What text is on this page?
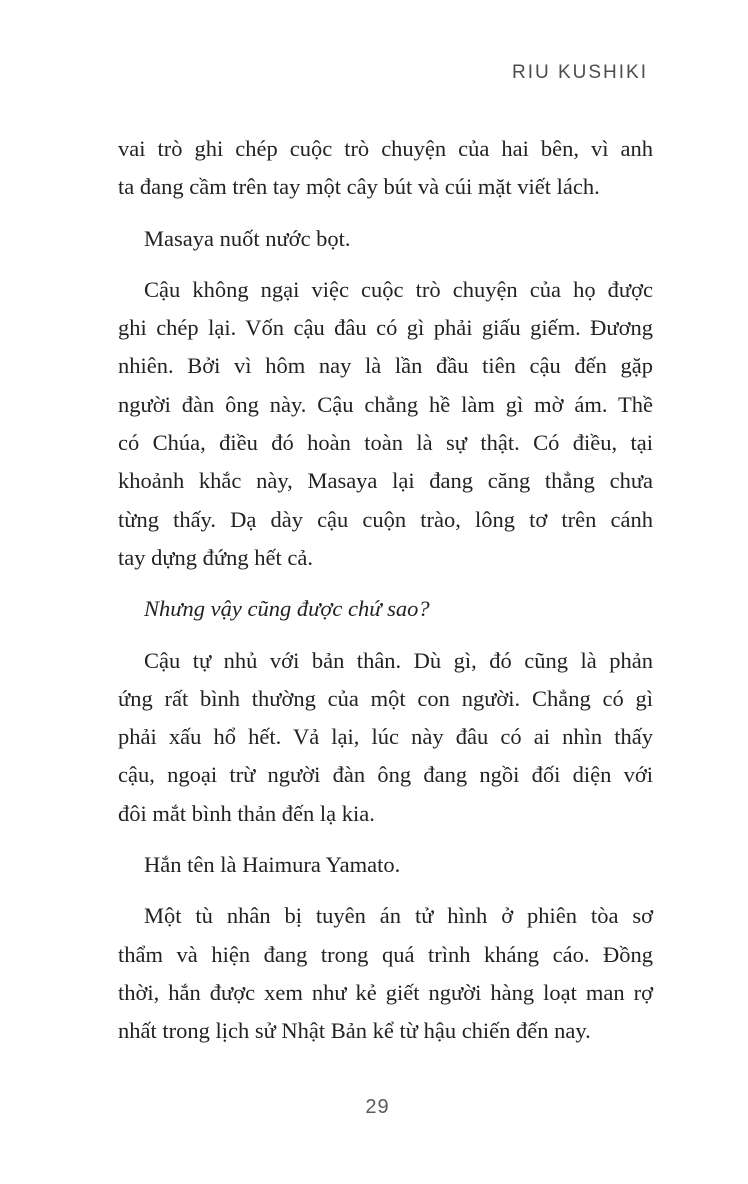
RIU KUSHIKI
vai trò ghi chép cuộc trò chuyện của hai bên, vì anh
ta đang cầm trên tay một cây bút và cúi mặt viết lách.
Masaya nuốt nước bọt.
Cậu không ngại việc cuộc trò chuyện của họ được
ghi chép lại. Vốn cậu đâu có gì phải giấu giếm. Đương
nhiên. Bởi vì hôm nay là lần đầu tiên cậu đến gặp
người đàn ông này. Cậu chẳng hề làm gì mờ ám. Thề
có Chúa, điều đó hoàn toàn là sự thật. Có điều, tại
khoảnh khắc này, Masaya lại đang căng thẳng chưa
từng thấy. Dạ dày cậu cuộn trào, lông tơ trên cánh
tay dựng đứng hết cả.
Nhưng vậy cũng được chứ sao?
Cậu tự nhủ với bản thân. Dù gì, đó cũng là phản
ứng rất bình thường của một con người. Chẳng có gì
phải xấu hổ hết. Vả lại, lúc này đâu có ai nhìn thấy
cậu, ngoại trừ người đàn ông đang ngồi đối diện với
đôi mắt bình thản đến lạ kia.
Hắn tên là Haimura Yamato.
Một tù nhân bị tuyên án tử hình ở phiên tòa sơ
thẩm và hiện đang trong quá trình kháng cáo. Đồng
thời, hắn được xem như kẻ giết người hàng loạt man rợ
nhất trong lịch sử Nhật Bản kể từ hậu chiến đến nay.
29
